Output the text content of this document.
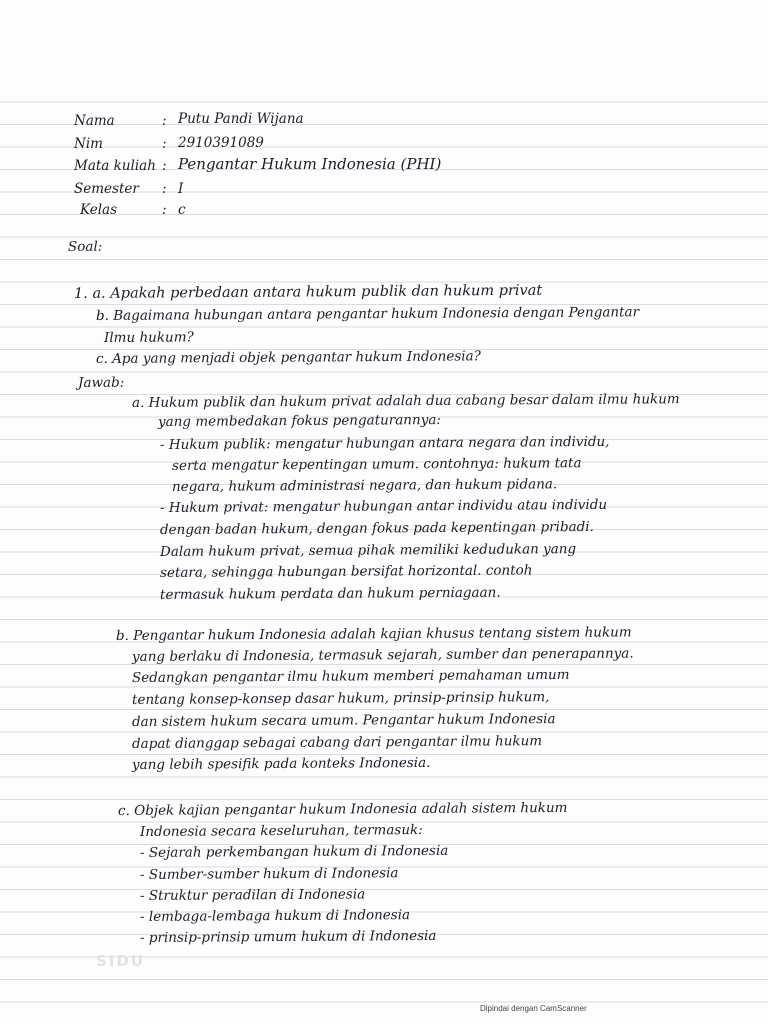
Nama	: Putu Pandi Wijana
Nim	: 2910391089
Mata kuliah : Pengantar Hukum Indonesia (PHI)
Semester : I
Kelas	: c
Soal:
1. a. Apakah perbedaan antara hukum publik dan hukum privat
b. Bagaimana hubungan antara pengantar hukum Indonesia dengan Pengantar
Ilmu hukum?
c. Apa yang menjadi objek pengantar hukum Indonesia?
Jawab:
a. Hukum publik dan hukum privat adalah dua cabang besar dalam ilmu hukum
yang membedakan fokus pengaturannya:
- Hukum publik: mengatur hubungan antara negara dan individu,
serta mengatur kepentingan umum. contohnya: hukum tata
negara, hukum administrasi negara, dan hukum pidana.
- Hukum privat: mengatur hubungan antar individu atau individu
dengan badan hukum, dengan fokus pada kepentingan pribadi.
Dalam hukum privat, semua pihak memiliki kedudukan yang
setara, sehingga hubungan bersifat horizontal. contoh
termasuk hukum perdata dan hukum perniagaan.
b. Pengantar hukum Indonesia adalah kajian khusus tentang sistem hukum
yang berlaku di Indonesia, termasuk sejarah, sumber dan penerapannya.
Sedangkan pengantar ilmu hukum memberi pemahaman umum
tentang konsep-konsep dasar hukum, prinsip-prinsip hukum,
dan sistem hukum secara umum. Pengantar hukum Indonesia
dapat dianggap sebagai cabang dari pengantar ilmu hukum
yang lebih spesifik pada konteks Indonesia.
c. Objek kajian pengantar hukum Indonesia adalah sistem hukum
Indonesia secara keseluruhan, termasuk:
- Sejarah perkembangan hukum di Indonesia
- Sumber-sumber hukum di Indonesia
- Struktur peradilan di Indonesia
- lembaga-lembaga hukum di Indonesia
- prinsip-prinsip umum hukum di Indonesia
SIDU
Dipindai dengan CamScanner
